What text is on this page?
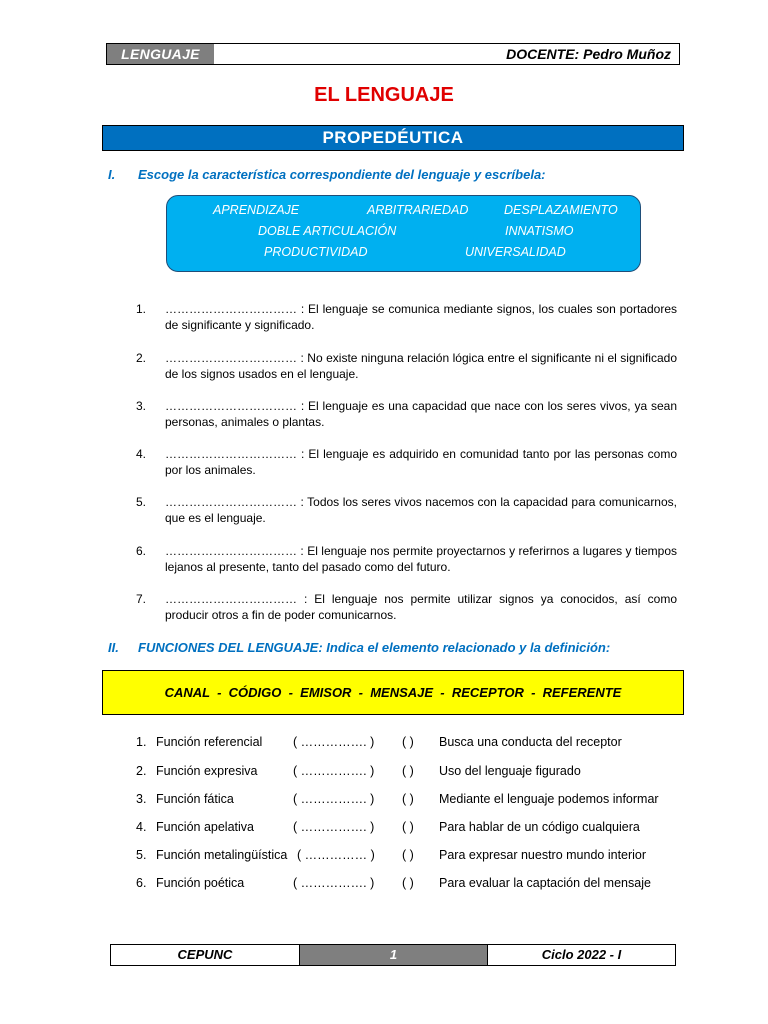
LENGUAJE	DOCENTE: Pedro Muñoz
EL LENGUAJE
PROPEDÉUTICA
I. Escoge la característica correspondiente del lenguaje y escríbela:
APRENDIZAJE	ARBITRARIEDAD	DESPLAZAMIENTO
DOBLE ARTICULACIÓN	INNATISMO
PRODUCTIVIDAD	UNIVERSALIDAD
1. …………………………… : El lenguaje se comunica mediante signos, los cuales son portadores de significante y significado.
2. …………………………… : No existe ninguna relación lógica entre el significante ni el significado de los signos usados en el lenguaje.
3. …………………………… : El lenguaje es una capacidad que nace con los seres vivos, ya sean personas, animales o plantas.
4. …………………………… : El lenguaje es adquirido en comunidad tanto por las personas como por los animales.
5. …………………………… : Todos los seres vivos nacemos con la capacidad para comunicarnos, que es el lenguaje.
6. …………………………… : El lenguaje nos permite proyectarnos y referirnos a lugares y tiempos lejanos al presente, tanto del pasado como del futuro.
7. …………………………… : El lenguaje nos permite utilizar signos ya conocidos, así como producir otros a fin de poder comunicarnos.
II. FUNCIONES DEL LENGUAJE: Indica el elemento relacionado y la definición:
CANAL  -  CÓDIGO  -  EMISOR  -  MENSAJE  -  RECEPTOR  -  REFERENTE
1. Función referencial ( ……………. ) ( ) Busca una conducta del receptor
2. Función expresiva	( ……………. ) ( ) Uso del lenguaje figurado
3. Función fática	( ……………. ) ( ) Mediante el lenguaje podemos informar
4. Función apelativa	( ……………. ) ( ) Para hablar de un código cualquiera
5. Función metalingüística ( …………… ) ( ) Para expresar nuestro mundo interior
6. Función poética	( ……………. ) ( ) Para evaluar la captación del mensaje
CEPUNC	1	Ciclo 2022 - I
